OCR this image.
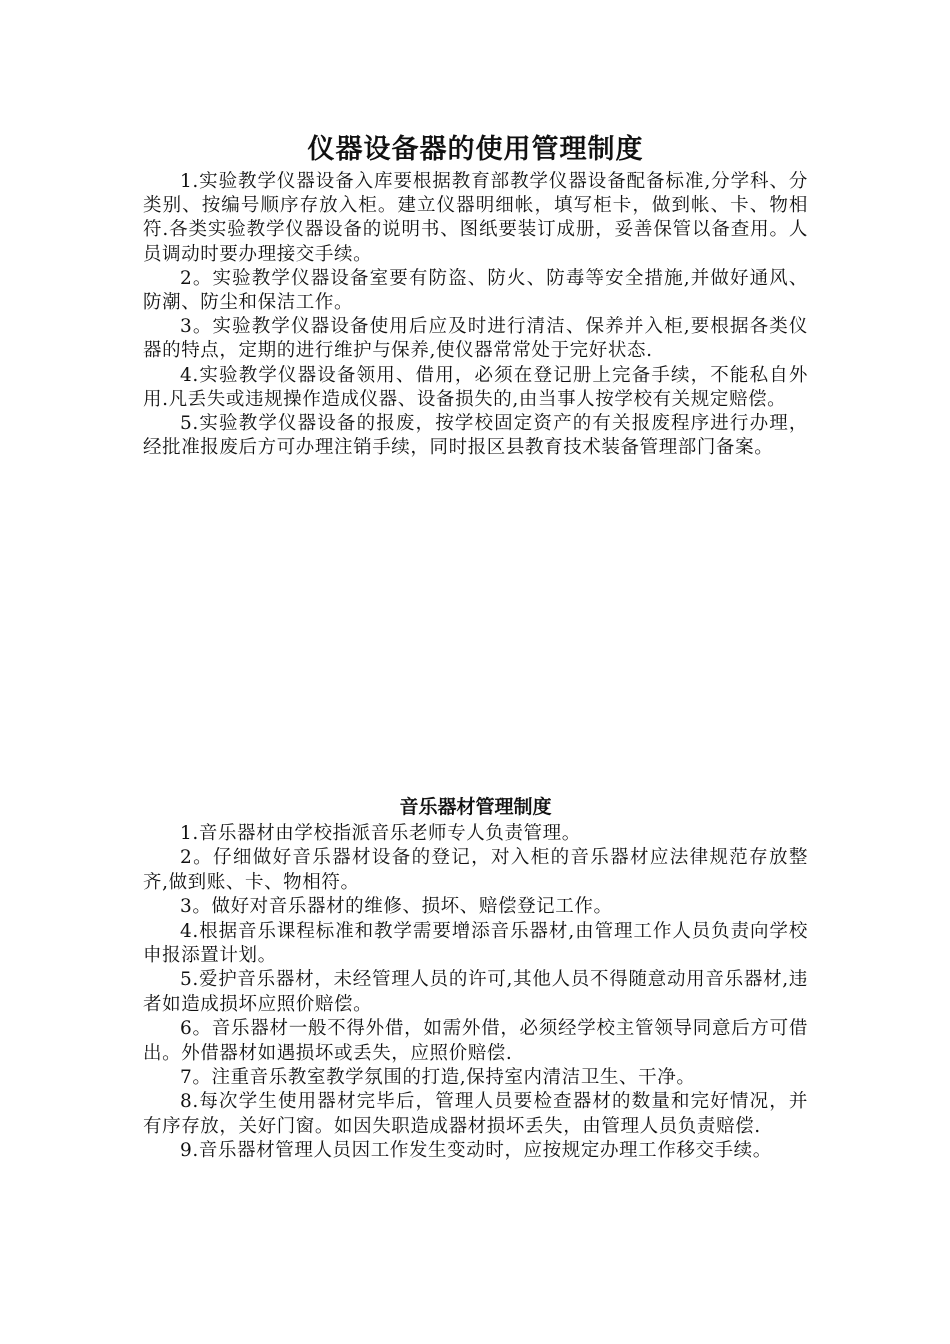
仪器设备器的使用管理制度

1.实验教学仪器设备入库要根据教育部教学仪器设备配备标准,分学科、分类别、按编号顺序存放入柜。建立仪器明细帐，填写柜卡，做到帐、卡、物相符.各类实验教学仪器设备的说明书、图纸要装订成册，妥善保管以备查用。人员调动时要办理接交手续。

2。实验教学仪器设备室要有防盗、防火、防毒等安全措施,并做好通风、防潮、防尘和保洁工作。

3。实验教学仪器设备使用后应及时进行清洁、保养并入柜,要根据各类仪器的特点，定期的进行维护与保养,使仪器常常处于完好状态.

4.实验教学仪器设备领用、借用，必须在登记册上完备手续，不能私自外用.凡丢失或违规操作造成仪器、设备损失的,由当事人按学校有关规定赔偿。

5.实验教学仪器设备的报废，按学校固定资产的有关报废程序进行办理，经批准报废后方可办理注销手续，同时报区县教育技术装备管理部门备案。

音乐器材管理制度

1.音乐器材由学校指派音乐老师专人负责管理。

2。仔细做好音乐器材设备的登记，对入柜的音乐器材应法律规范存放整齐,做到账、卡、物相符。

3。做好对音乐器材的维修、损坏、赔偿登记工作。

4.根据音乐课程标准和教学需要增添音乐器材,由管理工作人员负责向学校申报添置计划。

5.爱护音乐器材，未经管理人员的许可,其他人员不得随意动用音乐器材,违者如造成损坏应照价赔偿。

6。音乐器材一般不得外借，如需外借，必须经学校主管领导同意后方可借出。外借器材如遇损坏或丢失，应照价赔偿.

7。注重音乐教室教学氛围的打造,保持室内清洁卫生、干净。

8.每次学生使用器材完毕后，管理人员要检查器材的数量和完好情况，并有序存放，关好门窗。如因失职造成器材损坏丢失，由管理人员负责赔偿.

9.音乐器材管理人员因工作发生变动时，应按规定办理工作移交手续。
